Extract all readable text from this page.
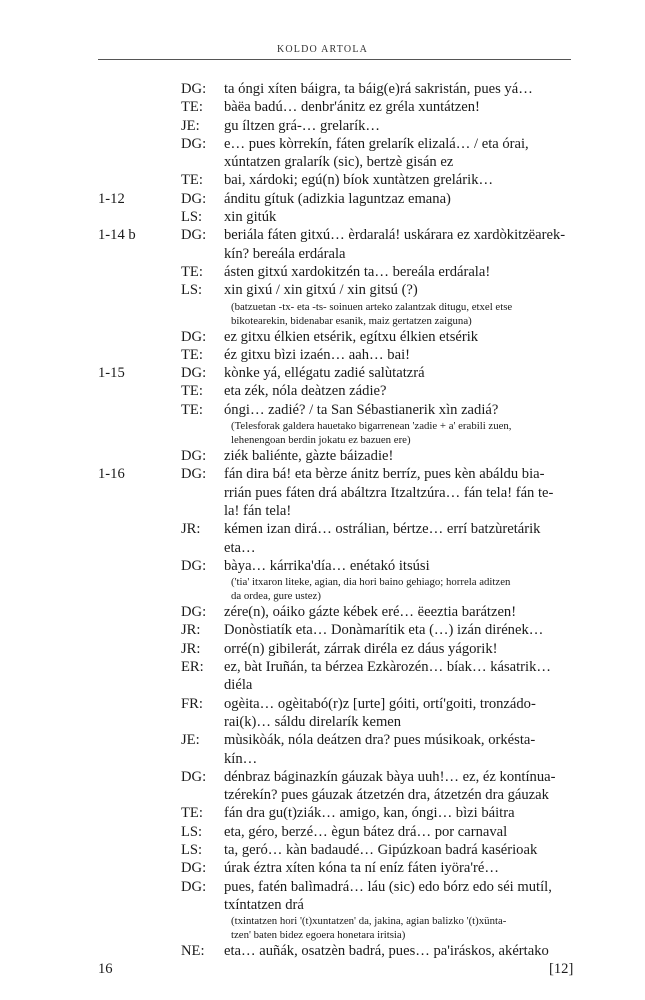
KOLDO ARTOLA
DG: ta óngi xíten báigra, ta báig(e)rá sakristán, pues yá…
TE: bàëa badú… denbr'ánitz ez gréla xuntátzen!
JE: gu íltzen grá-… grelarík…
DG: e… pues kòrrekín, fáten grelarík elizalá… / eta órai,
xúntatzen gralarík (sic), bertzè gisán ez
TE: bai, xárdoki; egú(n) bíok xuntàtzen grelárik…
1-12	DG: ánditu gítuk (adizkia laguntzaz emana)
LS: xin gitúk
1-14 b	DG: beriála fáten gitxú… èrdaralá! uskárara ez xardòkitzëarek-
kín? bereála erdárala
TE: ásten gitxú xardokitzén ta… bereála erdárala!
LS: xin gixú / xin gitxú / xin gitsú (?)
(batzuetan -tx- eta -ts- soinuen arteko zalantzak ditugu, etxel etse
bikotearekin, bidenabar esanik, maiz gertatzen zaiguna)
DG: ez gitxu élkien etsérik, egítxu élkien etsérik
TE: éz gitxu bìzi izaén… aah… bai!
1-15	DG: kònke yá, ellégatu zadié salùtatzrá
TE: eta zék, nóla deàtzen zádie?
TE: óngi… zadié? / ta San Sébastianerik xìn zadiá?
(Telesforak galdera hauetako bigarrenean 'zadie + a' erabili zuen,
lehenengoan berdin jokatu ez bazuen ere)
DG: ziék baliénte, gàzte báizadie!
1-16	DG: fán dira bá! eta bèrze ánitz berríz, pues kèn abáldu bia-
rrián pues fáten drá abáltzra Itzaltzúra… fán tela! fán te-
la! fán tela!
JR: kémen izan dirá… ostrálian, bértze… errí batzùretárik
eta…
DG: bàya… kárrika'día… enétakó itsúsi
('tia' itxaron liteke, agian, dia hori baino gehiago; horrela aditzen
da ordea, gure ustez)
DG: zére(n), oáiko gázte kébek eré… ëeeztia barátzen!
JR: Donòstiatík eta… Donàmarítik eta (…) izán dirének…
JR: orré(n) gibilerát, zárrak diréla ez dáus yágorik!
ER: ez, bàt Iruñán, ta bérzea Ezkàrozén… bíak… kásatrik…
diéla
FR: ogèita… ogèitabó(r)z [urte] góiti, ortí'goiti, tronzádo-
rai(k)… sáldu direlarík kemen
JE: mùsikòák, nóla deátzen dra? pues músikoak, orkésta-
kín…
DG: dénbraz báginazkín gáuzak bàya uuh!… ez, éz kontínua-
tzérekín? pues gáuzak átzetzén dra, átzetzén dra gáuzak
TE: fán dra gu(t)ziák… amigo, kan, óngi… bìzi báitra
LS: eta, géro, berzé… ègun bátez drá… por carnaval
LS: ta, geró… kàn badaudé… Gipúzkoan badrá kasérioak
DG: úrak éztra xíten kóna ta ní eníz fáten iyöra'ré…
DG: pues, fatén balìmadrá… láu (sic) edo bórz edo séi mutíl,
txíntatzen drá
(txintatzen hori '(t)xuntatzen' da, jakina, agian balizko '(t)xünta-
tzen' baten bidez egoera honetara iritsia)
NE: eta… auñák, osatzèn badrá, pues… pa'iráskos, akértako
16	[12]
